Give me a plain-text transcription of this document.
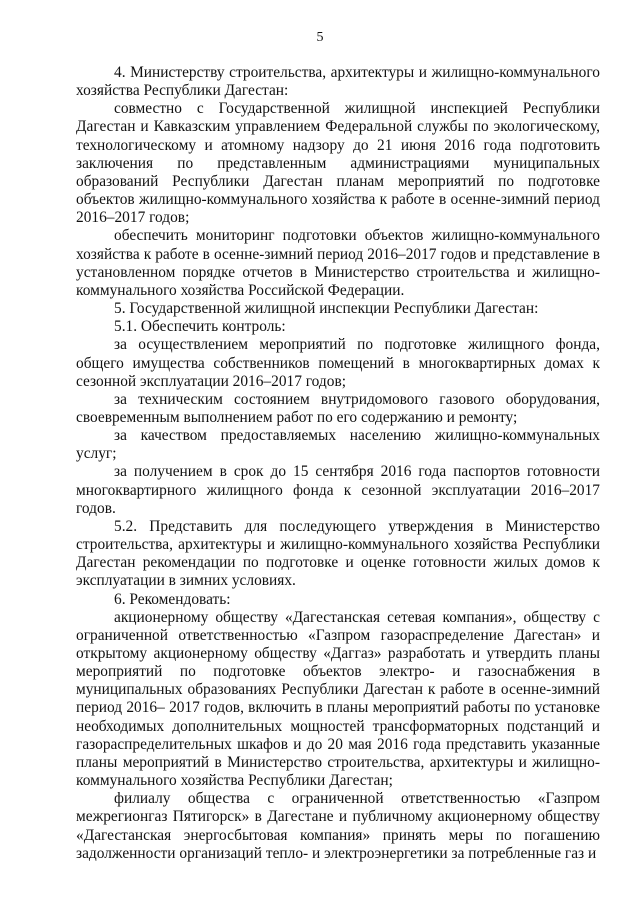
5

4. Министерству строительства, архитектуры и жилищно-коммунального хозяйства Республики Дагестан:

совместно с Государственной жилищной инспекцией Республики Дагестан и Кавказским управлением Федеральной службы по экологическому, технологическому и атомному надзору до 21 июня 2016 года подготовить заключения по представленным администрациями муниципальных образований Республики Дагестан планам мероприятий по подготовке объектов жилищно-коммунального хозяйства к работе в осенне-зимний период 2016–2017 годов;

обеспечить мониторинг подготовки объектов жилищно-коммунального хозяйства к работе в осенне-зимний период 2016–2017 годов и представление в установленном порядке отчетов в Министерство строительства и жилищно-коммунального хозяйства Российской Федерации.

5. Государственной жилищной инспекции Республики Дагестан:

5.1. Обеспечить контроль:

за осуществлением мероприятий по подготовке жилищного фонда, общего имущества собственников помещений в многоквартирных домах к сезонной эксплуатации 2016–2017 годов;

за техническим состоянием внутридомового газового оборудования, своевременным выполнением работ по его содержанию и ремонту;

за качеством предоставляемых населению жилищно-коммунальных услуг;

за получением в срок до 15 сентября 2016 года паспортов готовности многоквартирного жилищного фонда к сезонной эксплуатации 2016–2017 годов.

5.2. Представить для последующего утверждения в Министерство строительства, архитектуры и жилищно-коммунального хозяйства Республики Дагестан рекомендации по подготовке и оценке готовности жилых домов к эксплуатации в зимних условиях.

6. Рекомендовать:

акционерному обществу «Дагестанская сетевая компания», обществу с ограниченной ответственностью «Газпром газораспределение Дагестан» и открытому акционерному обществу «Даггаз» разработать и утвердить планы мероприятий по подготовке объектов электро- и газоснабжения в муниципальных образованиях Республики Дагестан к работе в осенне-зимний период 2016– 2017 годов, включить в планы мероприятий работы по установке необходимых дополнительных мощностей трансформаторных подстанций и газораспределительных шкафов и до 20 мая 2016 года представить указанные планы мероприятий в Министерство строительства, архитектуры и жилищно-коммунального хозяйства Республики Дагестан;

филиалу общества с ограниченной ответственностью «Газпром межрегионгаз Пятигорск» в Дагестане и публичному акционерному обществу «Дагестанская энергосбытовая компания» принять меры по погашению задолженности организаций тепло- и электроэнергетики за потребленные газ и
